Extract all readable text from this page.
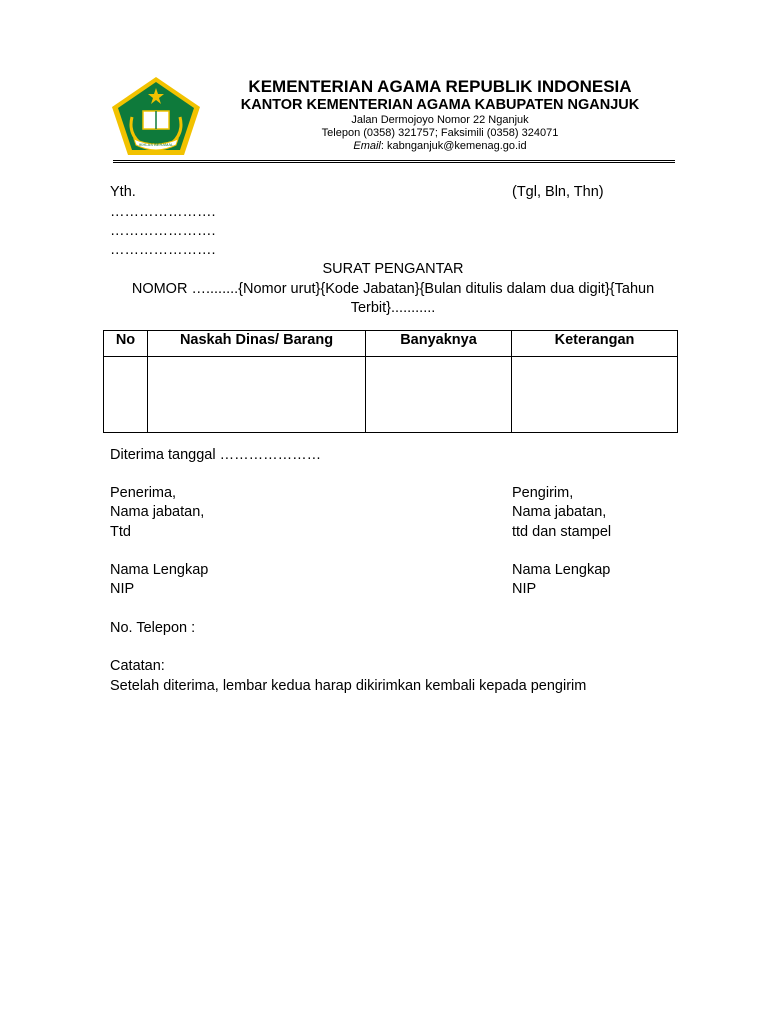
IKHLAS BERAMAL
KEMENTERIAN AGAMA REPUBLIK INDONESIA
KANTOR KEMENTERIAN AGAMA KABUPATEN NGANJUK
Jalan Dermojoyo Nomor 22 Nganjuk
Telepon (0358) 321757; Faksimili (0358) 324071
Email: kabnganjuk@kemenag.go.id
Yth.	(Tgl, Bln, Thn)
………………….
………………….
………………….
SURAT PENGANTAR
NOMOR …........{Nomor urut}{Kode Jabatan}{Bulan ditulis dalam dua digit}{Tahun Terbit}...........
No	Naskah Dinas/ Barang	Banyaknya	Keterangan

Diterima tanggal …………………
Penerima,
Nama jabatan,
Ttd
Nama Lengkap
NIP
Pengirim,
Nama jabatan,
ttd dan stampel
Nama Lengkap
NIP
No. Telepon :
Catatan:
Setelah diterima, lembar kedua harap dikirimkan kembali kepada pengirim
